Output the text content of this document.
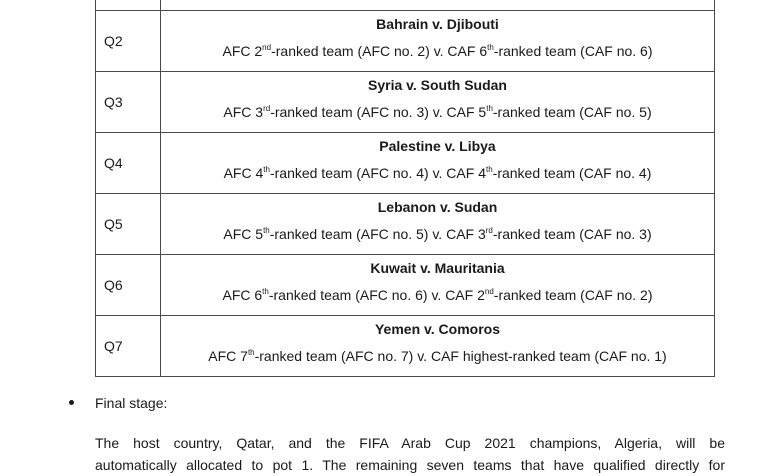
Q2	Bahrain v. Djibouti
AFC 2nd-ranked team (AFC no. 2) v. CAF 6th-ranked team (CAF no. 6)

Q3	Syria v. South Sudan
AFC 3rd-ranked team (AFC no. 3) v. CAF 5th-ranked team (CAF no. 5)

Q4	Palestine v. Libya
AFC 4th-ranked team (AFC no. 4) v. CAF 4th-ranked team (CAF no. 4)

Q5	Lebanon v. Sudan
AFC 5th-ranked team (AFC no. 5) v. CAF 3rd-ranked team (CAF no. 3)

Q6	Kuwait v. Mauritania
AFC 6th-ranked team (AFC no. 6) v. CAF 2nd-ranked team (CAF no. 2)

Q7	Yemen v. Comoros
AFC 7th-ranked team (AFC no. 7) v. CAF highest-ranked team (CAF no. 1)
Final stage:
The host country, Qatar, and the FIFA Arab Cup 2021 champions, Algeria, will be
automatically allocated to pot 1. The remaining seven teams that have qualified directly for
